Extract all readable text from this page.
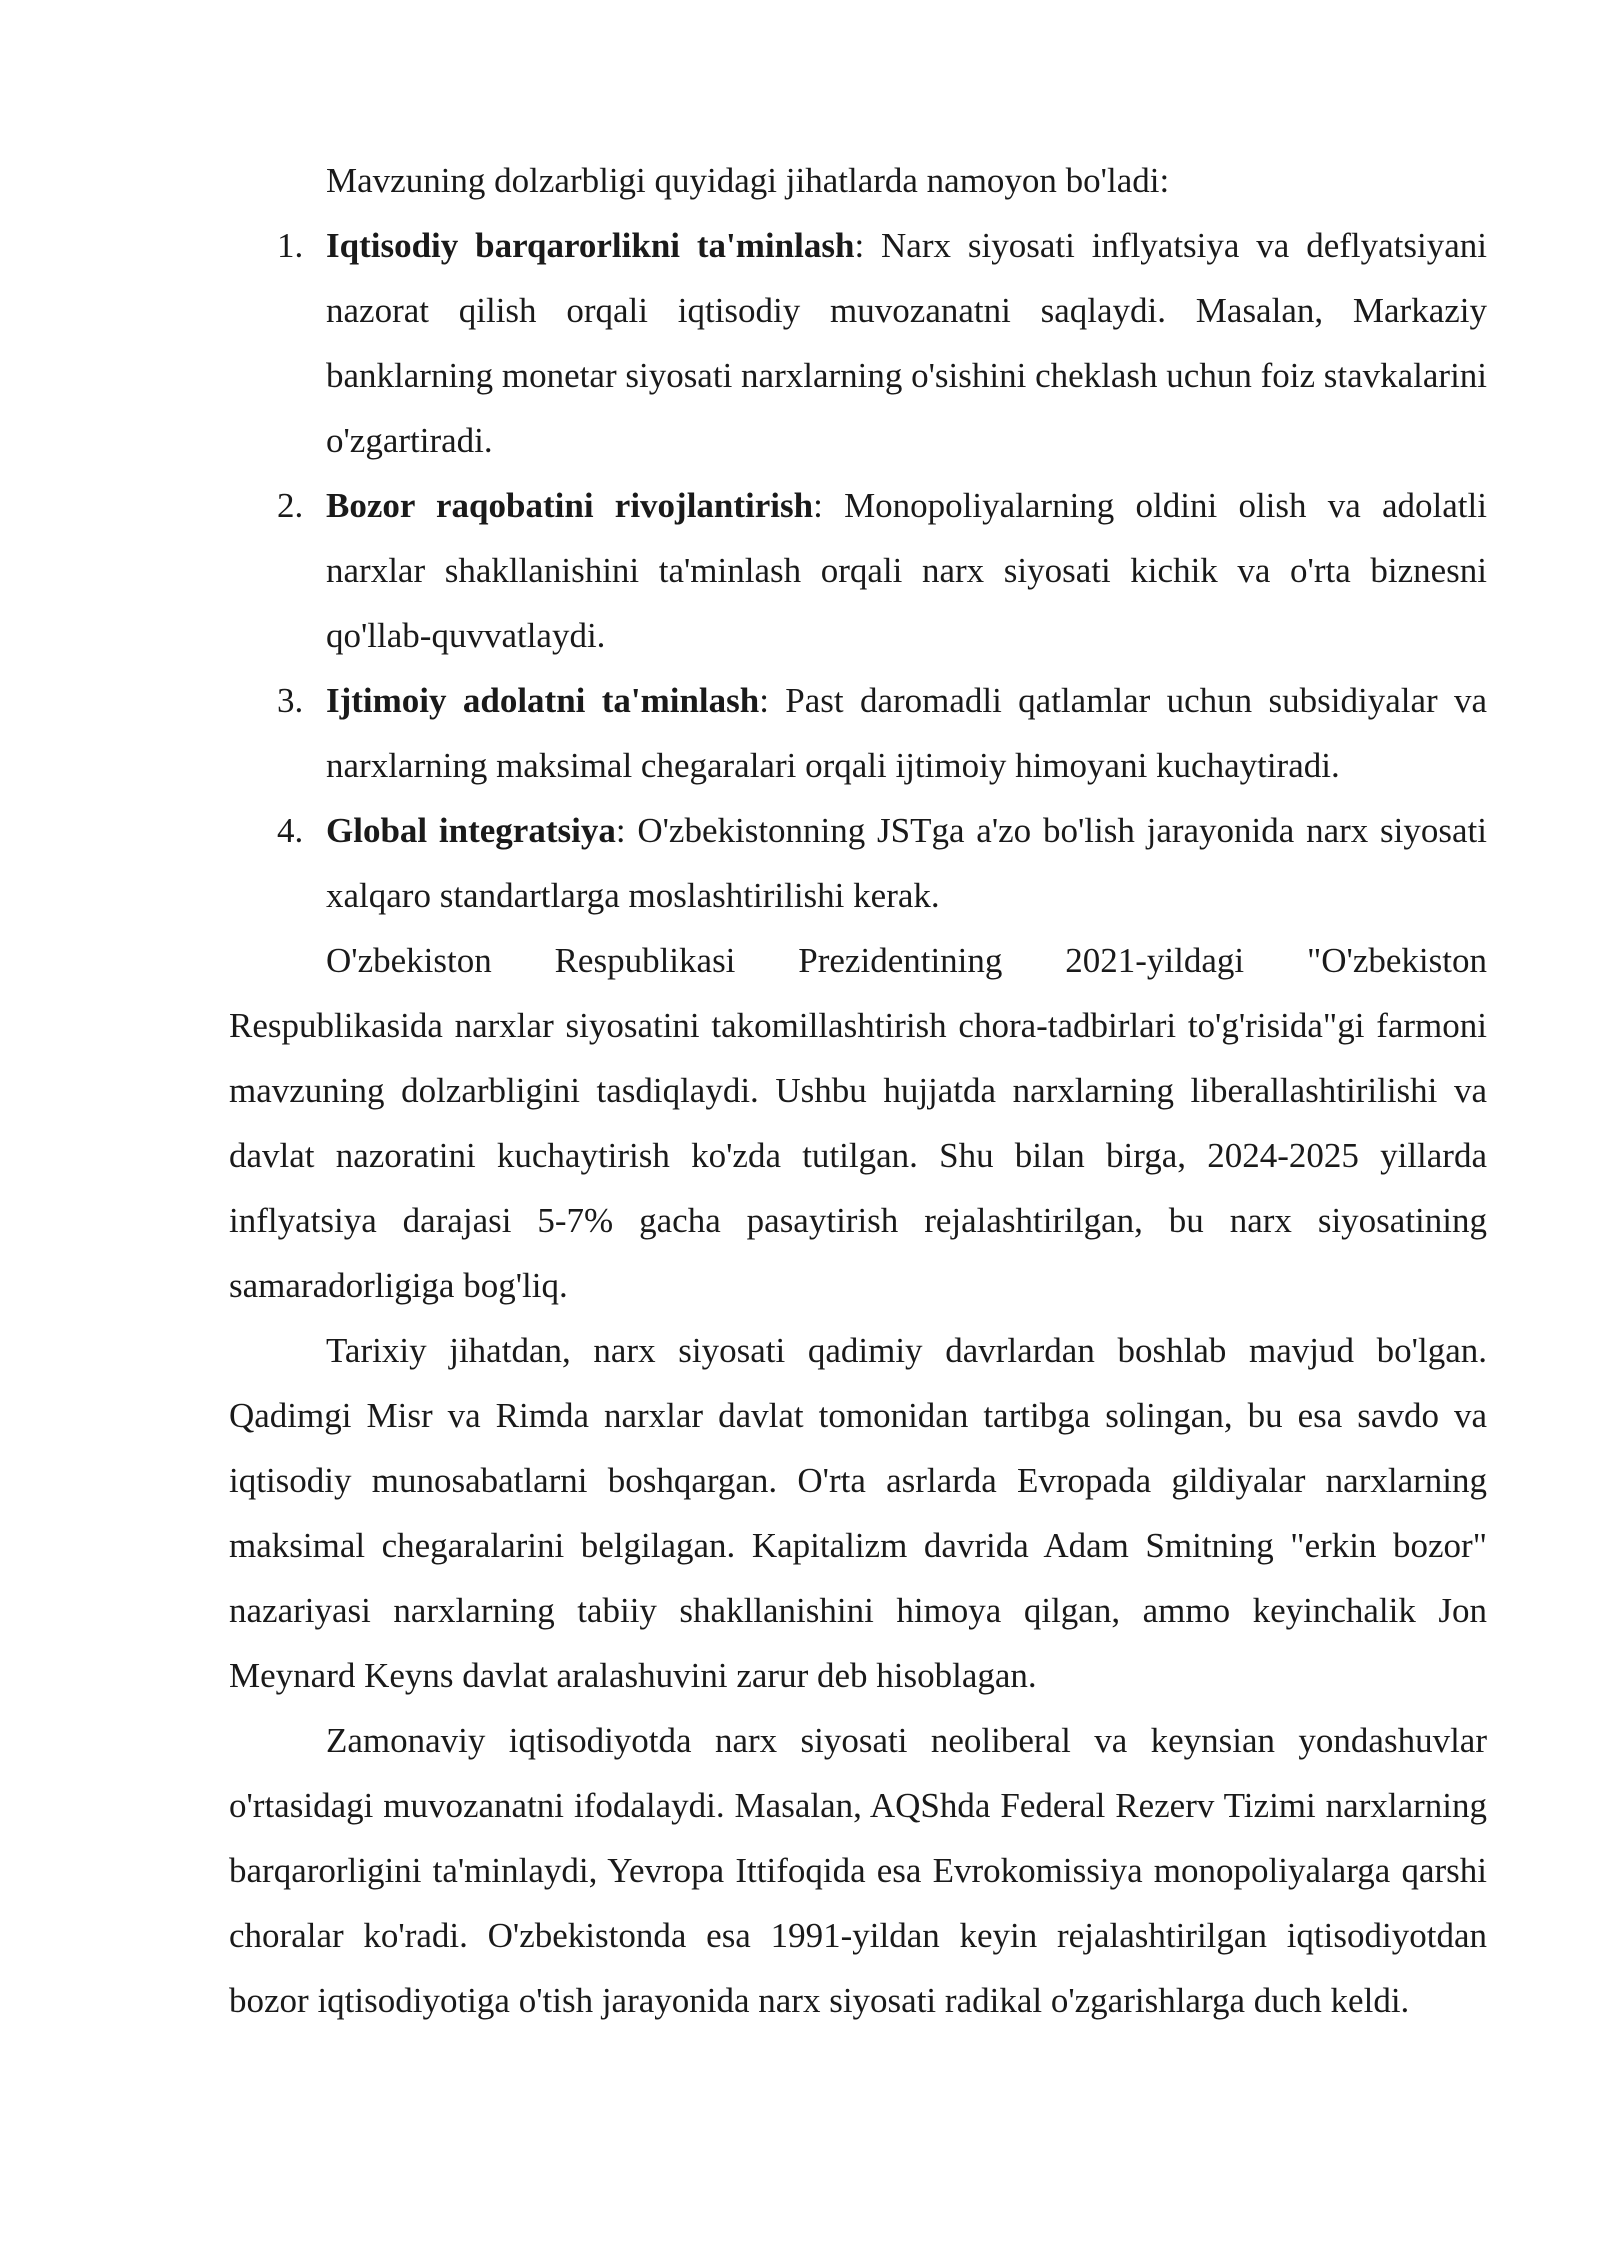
Mavzuning dolzarbligi quyidagi jihatlarda namoyon bo'ladi:

1. Iqtisodiy barqarorlikni ta'minlash: Narx siyosati inflyatsiya va deflyatsiyani nazorat qilish orqali iqtisodiy muvozanatni saqlaydi. Masalan, Markaziy banklarning monetar siyosati narxlarning o'sishini cheklash uchun foiz stavkalarini o'zgartiradi.
2. Bozor raqobatini rivojlantirish: Monopoliyalarning oldini olish va adolatli narxlar shakllanishini ta'minlash orqali narx siyosati kichik va o'rta biznesni qo'llab-quvvatlaydi.
3. Ijtimoiy adolatni ta'minlash: Past daromadli qatlamlar uchun subsidiyalar va narxlarning maksimal chegaralari orqali ijtimoiy himoyani kuchaytiradi.
4. Global integratsiya: O'zbekistonning JSTga a'zo bo'lish jarayonida narx siyosati xalqaro standartlarga moslashtirilishi kerak.

O'zbekiston Respublikasi Prezidentining 2021-yildagi "O'zbekiston Respublikasida narxlar siyosatini takomillashtirish chora-tadbirlari to'g'risida"gi farmoni mavzuning dolzarbligini tasdiqlaydi. Ushbu hujjatda narxlarning liberallashtirilishi va davlat nazoratini kuchaytirish ko'zda tutilgan. Shu bilan birga, 2024-2025 yillarda inflyatsiya darajasi 5-7% gacha pasaytirish rejalashtirilgan, bu narx siyosatining samaradorligiga bog'liq.

Tarixiy jihatdan, narx siyosati qadimiy davrlardan boshlab mavjud bo'lgan. Qadimgi Misr va Rimda narxlar davlat tomonidan tartibga solingan, bu esa savdo va iqtisodiy munosabatlarni boshqargan. O'rta asrlarda Evropada gildiyalar narxlarning maksimal chegaralarini belgilagan. Kapitalizm davrida Adam Smitning "erkin bozor" nazariyasi narxlarning tabiiy shakllanishini himoya qilgan, ammo keyinchalik Jon Meynard Keyns davlat aralashuvini zarur deb hisoblagan.

Zamonaviy iqtisodiyotda narx siyosati neoliberal va keynsian yondashuvlar o'rtasidagi muvozanatni ifodalaydi. Masalan, AQShda Federal Rezerv Tizimi narxlarning barqarorligini ta'minlaydi, Yevropa Ittifoqida esa Evrokomissiya monopoliyalarga qarshi choralar ko'radi. O'zbekistonda esa 1991-yildan keyin rejalashtirilgan iqtisodiyotdan bozor iqtisodiyotiga o'tish jarayonida narx siyosati radikal o'zgarishlarga duch keldi.
